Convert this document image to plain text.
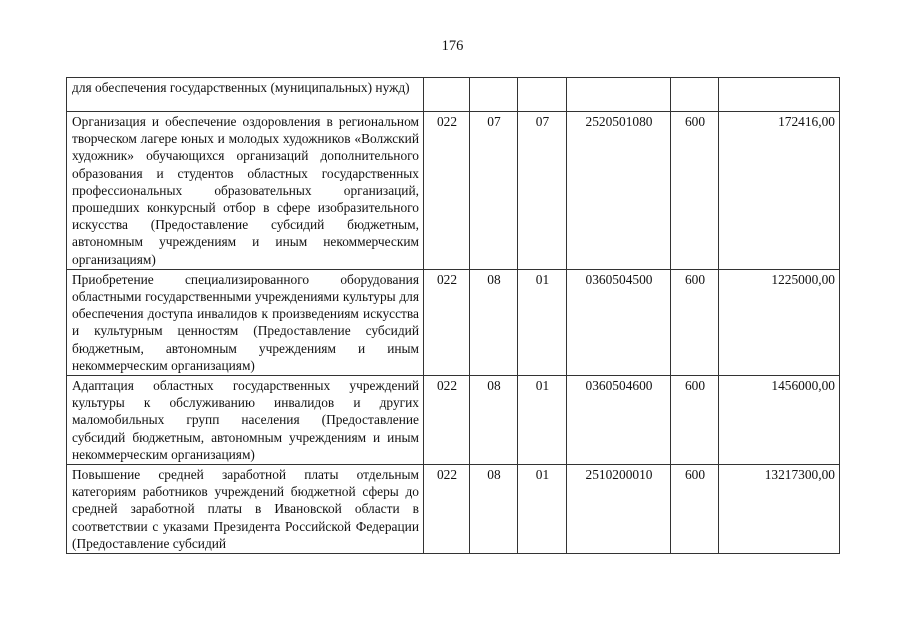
176
для обеспечения государственных (муниципальных) нужд)						
Организация и обеспечение оздоровления в региональном творческом лагере юных и молодых художников «Волжский художник» обучающихся организаций дополнительного образования и студентов областных государственных профессиональных образовательных организаций, прошедших конкурсный отбор в сфере изобразительного искусства (Предоставление субсидий бюджетным, автономным учреждениям и иным некоммерческим организациям)	022	07	07	2520501080	600	172416,00
Приобретение специализированного оборудования областными государственными учреждениями культуры для обеспечения доступа инвалидов к произведениям искусства и культурным ценностям (Предоставление субсидий бюджетным, автономным учреждениям и иным некоммерческим организациям)	022	08	01	0360504500	600	1225000,00
Адаптация областных государственных учреждений культуры к обслуживанию инвалидов и других маломобильных групп населения (Предоставление субсидий бюджетным, автономным учреждениям и иным некоммерческим организациям)	022	08	01	0360504600	600	1456000,00
Повышение средней заработной платы отдельным категориям работников учреждений бюджетной сферы до средней заработной платы в Ивановской области в соответствии с указами Президента Российской Федерации (Предоставление субсидий	022	08	01	2510200010	600	13217300,00
